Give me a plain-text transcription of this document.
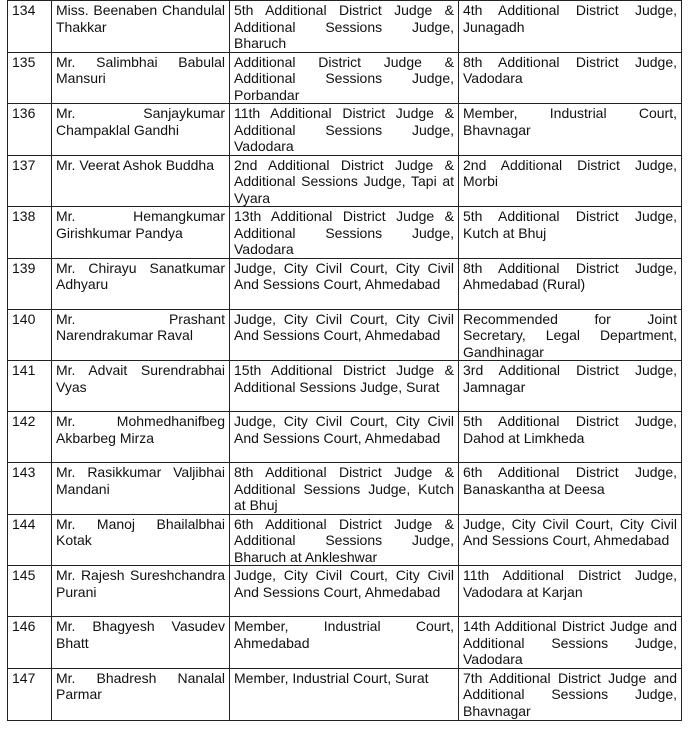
134	Miss. Beenaben Chandulal Thakkar	5th Additional District Judge & Additional Sessions Judge, Bharuch	4th Additional District Judge, Junagadh
135	Mr. Salimbhai Babulal Mansuri	Additional District Judge & Additional Sessions Judge, Porbandar	8th Additional District Judge, Vadodara
136	Mr. Sanjaykumar Champaklal Gandhi	11th Additional District Judge & Additional Sessions Judge, Vadodara	Member, Industrial Court, Bhavnagar
137	Mr. Veerat Ashok Buddha	2nd Additional District Judge & Additional Sessions Judge, Tapi at Vyara	2nd Additional District Judge, Morbi
138	Mr. Hemangkumar Girishkumar Pandya	13th Additional District Judge & Additional Sessions Judge, Vadodara	5th Additional District Judge, Kutch at Bhuj
139	Mr. Chirayu Sanatkumar Adhyaru	Judge, City Civil Court, City Civil And Sessions Court, Ahmedabad	8th Additional District Judge, Ahmedabad (Rural)
140	Mr. Prashant Narendrakumar Raval	Judge, City Civil Court, City Civil And Sessions Court, Ahmedabad	Recommended for Joint Secretary, Legal Department, Gandhinagar
141	Mr. Advait Surendrabhai Vyas	15th Additional District Judge & Additional Sessions Judge, Surat	3rd Additional District Judge, Jamnagar
142	Mr. Mohmedhanifbeg Akbarbeg Mirza	Judge, City Civil Court, City Civil And Sessions Court, Ahmedabad	5th Additional District Judge, Dahod at Limkheda
143	Mr. Rasikkumar Valjibhai Mandani	8th Additional District Judge & Additional Sessions Judge, Kutch at Bhuj	6th Additional District Judge, Banaskantha at Deesa
144	Mr. Manoj Bhailalbhai Kotak	6th Additional District Judge & Additional Sessions Judge, Bharuch at Ankleshwar	Judge, City Civil Court, City Civil And Sessions Court, Ahmedabad
145	Mr. Rajesh Sureshchandra Purani	Judge, City Civil Court, City Civil And Sessions Court, Ahmedabad	11th Additional District Judge, Vadodara at Karjan
146	Mr. Bhagyesh Vasudev Bhatt	Member, Industrial Court, Ahmedabad	14th Additional District Judge and Additional Sessions Judge, Vadodara
147	Mr. Bhadresh Nanalal Parmar	Member, Industrial Court, Surat	7th Additional District Judge and Additional Sessions Judge, Bhavnagar
